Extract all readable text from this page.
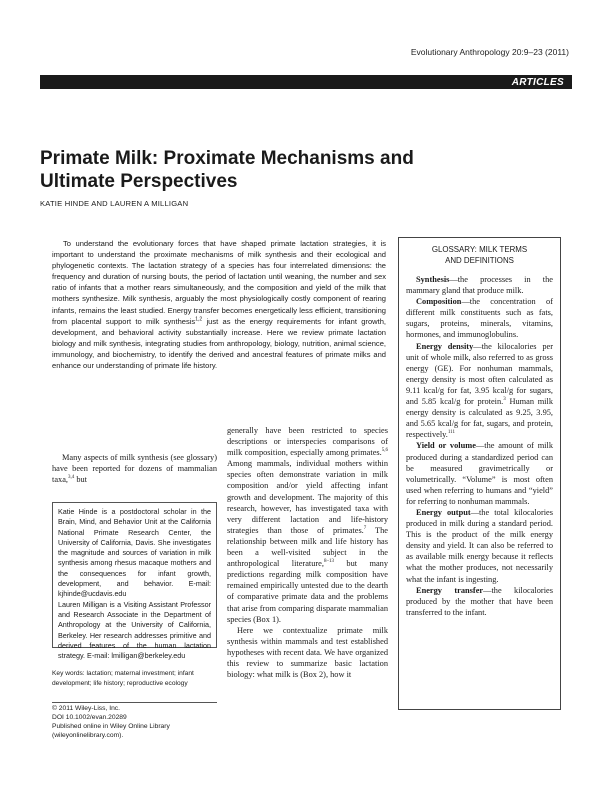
Evolutionary Anthropology 20:9–23 (2011)
ARTICLES
Primate Milk: Proximate Mechanisms and
Ultimate Perspectives
KATIE HINDE AND LAUREN A MILLIGAN
To understand the evolutionary forces that have shaped primate lactation strategies, it is important to understand the proximate mechanisms of milk synthesis and their ecological and phylogenetic contexts. The lactation strategy of a species has four interrelated dimensions: the frequency and duration of nursing bouts, the period of lactation until weaning, the number and sex ratio of infants that a mother rears simultaneously, and the composition and yield of the milk that mothers synthesize. Milk synthesis, arguably the most physiologically costly component of rearing infants, remains the least studied. Energy transfer becomes energetically less efficient, transitioning from placental support to milk synthesis$^{1,2}$ just as the energy requirements for infant growth, development, and behavioral activity substantially increase. Here we review primate lactation biology and milk synthesis, integrating studies from anthropology, biology, nutrition, animal science, immunology, and biochemistry, to identify the derived and ancestral features of primate milks and enhance our understanding of primate life history.
Many aspects of milk synthesis (see glossary) have been reported for dozens of mammalian taxa,$^{3,4}$ but

Katie Hinde is a postdoctoral scholar in the Brain, Mind, and Behavior Unit at the California National Primate Research Center, the University of California, Davis. She investigates the magnitude and sources of variation in milk synthesis among rhesus macaque mothers and the consequences for infant growth, development, and behavior. E-mail: kjhinde@ucdavis.edu

Lauren Milligan is a Visiting Assistant Professor and Research Associate in the Department of Anthropology at the University of California, Berkeley. Her research addresses primitive and derived features of the human lactation strategy. E-mail: lmilligan@berkeley.edu

Key words: lactation; maternal investment; infant development; life history; reproductive ecology
© 2011 Wiley-Liss, Inc.
DOI 10.1002/evan.20289
Published online in Wiley Online Library
(wileyonlinelibrary.com).

generally have been restricted to species descriptions or interspecies comparisons of milk composition, especially among primates.$^{5,6}$ Among mammals, individual mothers within species often demonstrate variation in milk composition and/or yield affecting infant growth and development. The majority of this research, however, has investigated taxa with very different lactation and life-history strategies than those of primates.$^7$ The relationship between milk and life history has been a well-visited subject in the anthropological literature,$^{8-13}$ but many predictions regarding milk composition have remained empirically untested due to the dearth of comparative primate data and the problems that arise from comparing disparate mammalian species (Box 1).

Here we contextualize primate milk synthesis within mammals and test established hypotheses with recent data. We have organized this review to summarize basic lactation biology: what milk is (Box 2), how it

GLOSSARY: MILK TERMS
AND DEFINITIONS

Synthesis—the processes in the mammary gland that produce milk.

Composition—the concentration of different milk constituents such as fats, sugars, proteins, minerals, vitamins, hormones, and immunoglobulins.

Energy density—the kilocalories per unit of whole milk, also referred to as gross energy (GE). For nonhuman mammals, energy density is most often calculated as 9.11 kcal/g for fat, 3.95 kcal/g for sugars, and 5.85 kcal/g for protein.$^3$ Human milk energy density is calculated as 9.25, 3.95, and 5.65 kcal/g for fat, sugars, and protein, respectively.$^{111}$

Yield or volume—the amount of milk produced during a standardized period can be measured gravimetrically or volumetrically. “Volume” is most often used when referring to humans and “yield” for referring to nonhuman mammals.

Energy output—the total kilocalories produced in milk during a standard period. This is the product of the milk energy density and yield. It can also be referred to as available milk energy because it reflects what the mother produces, not necessarily what the infant is ingesting.

Energy transfer—the kilocalories produced by the mother that have been transferred to the infant.
